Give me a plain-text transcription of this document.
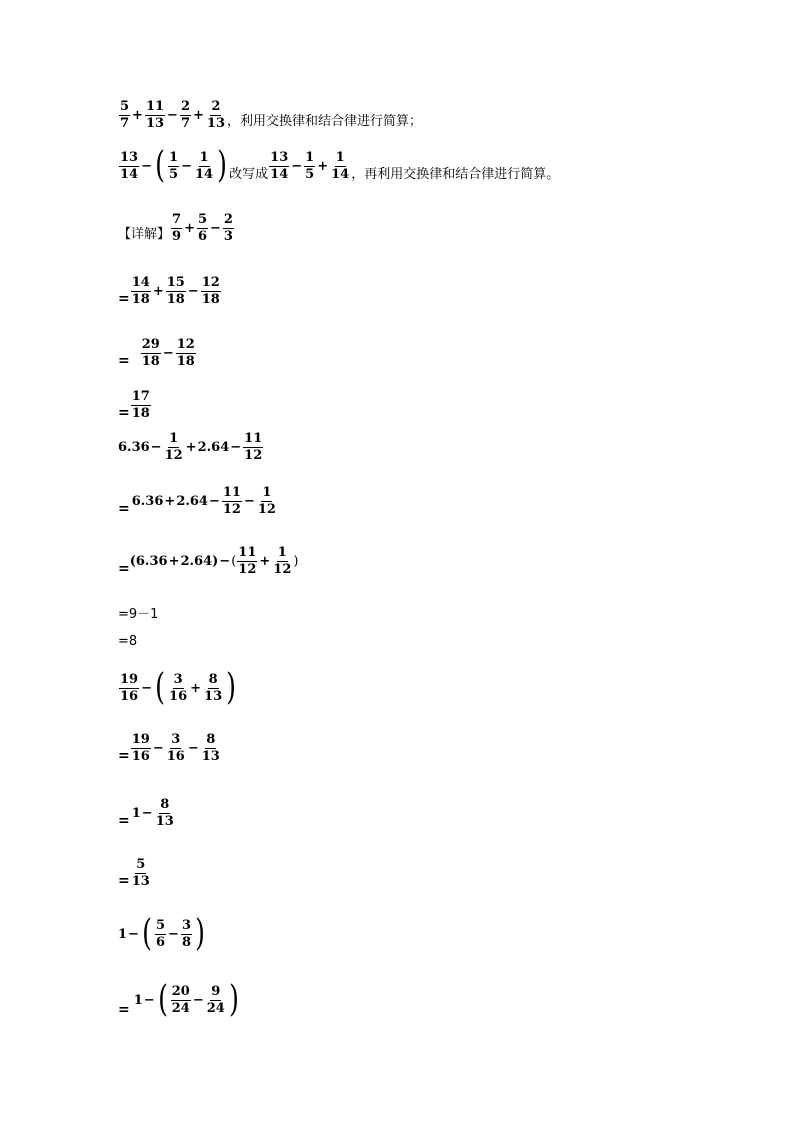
$\frac{5}{7} + \frac{11}{13} - \frac{2}{7} + \frac{2}{13}$ ，利用交换律和结合律进行简算；
$\frac{13}{14}$ − ( $\frac{1}{5} - \frac{1}{14}$ ) 改写成 $\frac{13}{14} - \frac{1}{5} + \frac{1}{14}$ ，再利用交换律和结合律进行简算。
【详解】 $\frac{7}{9} + \frac{5}{6} - \frac{2}{3}$
= $\frac{14}{18} + \frac{15}{18} - \frac{12}{18}$
= $\frac{29}{18} - \frac{12}{18}$
= $\frac{17}{18}$
$6.36 - \frac{1}{12} + 2.64 - \frac{11}{12}$
= $6.36 + 2.64 - \frac{11}{12} - \frac{1}{12}$
= ( 6.36 + 2.64 ) − ( $\frac{11}{12} + \frac{1}{12}$ )
=9－1
=8
$\frac{19}{16}$ − ( $\frac{3}{16} + \frac{8}{13}$ )
= $\frac{19}{16} - \frac{3}{16} - \frac{8}{13}$
= $1 - \frac{8}{13}$
= $\frac{5}{13}$
1 − ( $\frac{5}{6} - \frac{3}{8}$ )
=
1 − ( $\frac{20}{24} - \frac{9}{24}$ )
